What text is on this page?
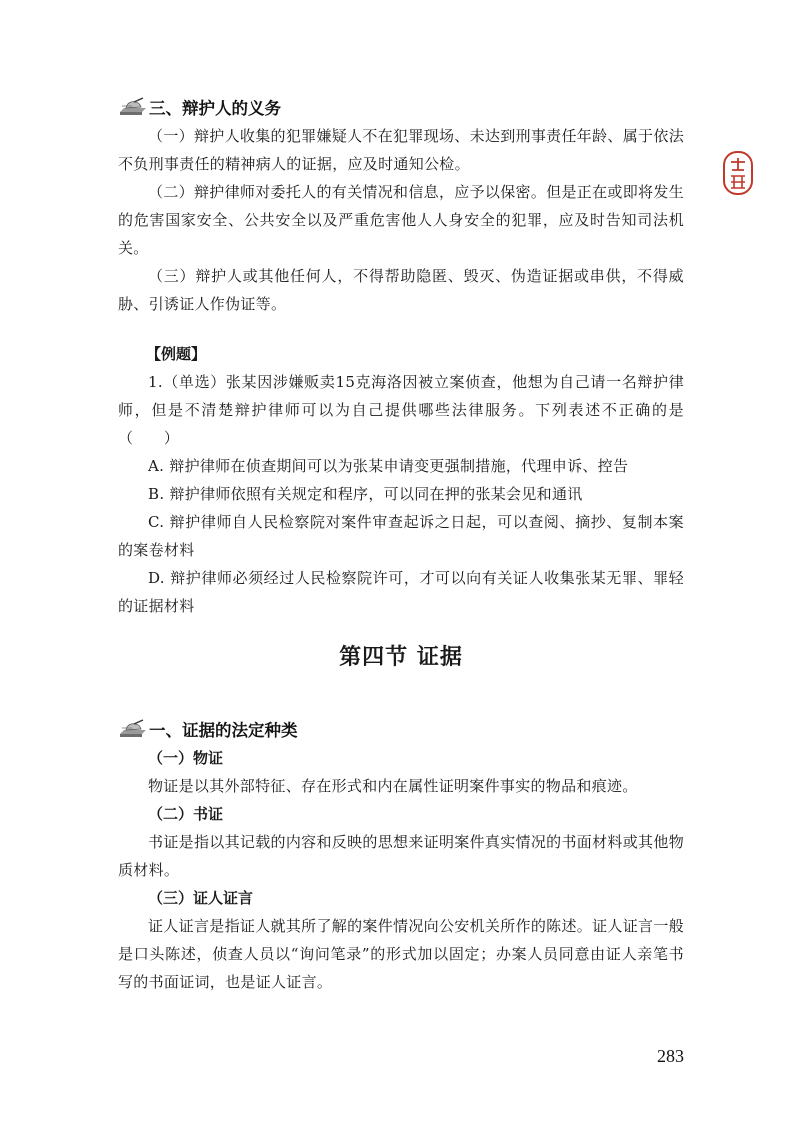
三、辩护人的义务

（一）辩护人收集的犯罪嫌疑人不在犯罪现场、未达到刑事责任年龄、属于依法不负刑事责任的精神病人的证据，应及时通知公检。

（二）辩护律师对委托人的有关情况和信息，应予以保密。但是正在或即将发生的危害国家安全、公共安全以及严重危害他人人身安全的犯罪，应及时告知司法机关。

（三）辩护人或其他任何人，不得帮助隐匿、毁灭、伪造证据或串供，不得威胁、引诱证人作伪证等。

【例题】

1.（单选）张某因涉嫌贩卖15克海洛因被立案侦查，他想为自己请一名辩护律师，但是不清楚辩护律师可以为自己提供哪些法律服务。下列表述不正确的是（　　）

A. 辩护律师在侦查期间可以为张某申请变更强制措施，代理申诉、控告

B. 辩护律师依照有关规定和程序，可以同在押的张某会见和通讯

C. 辩护律师自人民检察院对案件审查起诉之日起，可以查阅、摘抄、复制本案的案卷材料

D. 辩护律师必须经过人民检察院许可，才可以向有关证人收集张某无罪、罪轻的证据材料

第四节 证据

一、证据的法定种类

（一）物证

物证是以其外部特征、存在形式和内在属性证明案件事实的物品和痕迹。

（二）书证

书证是指以其记载的内容和反映的思想来证明案件真实情况的书面材料或其他物质材料。

（三）证人证言

证人证言是指证人就其所了解的案件情况向公安机关所作的陈述。证人证言一般是口头陈述，侦查人员以“询问笔录”的形式加以固定；办案人员同意由证人亲笔书写的书面证词，也是证人证言。

283
